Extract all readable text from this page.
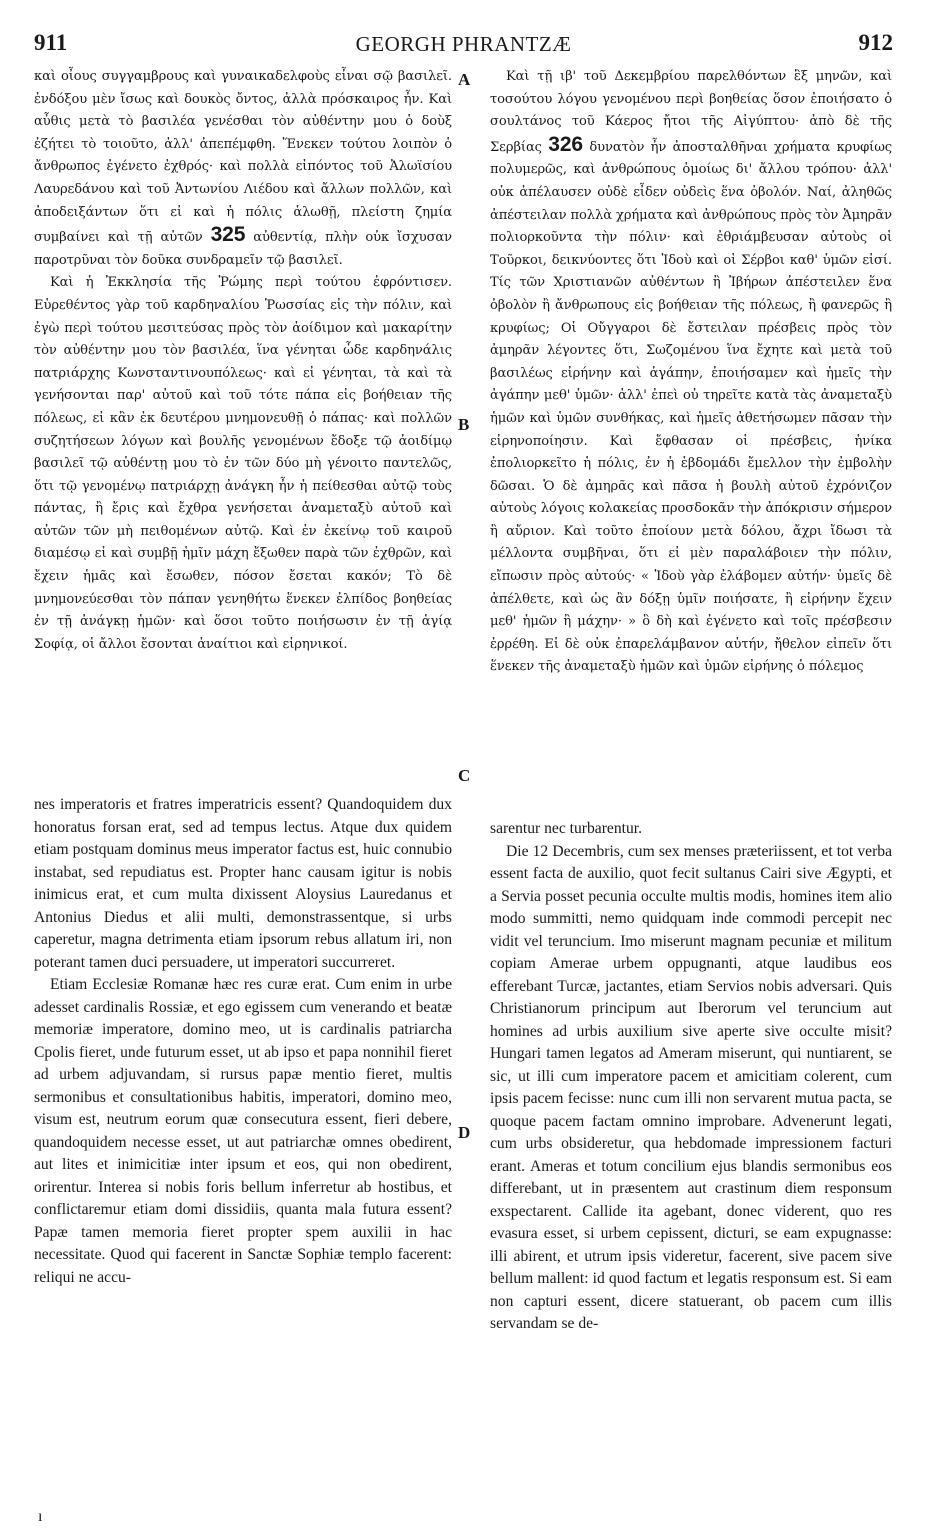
911	GEORGH PHRANTZÆ	912

καὶ οἶους συγγαμβρους καὶ γυναικαδελφοὺς εἶναι σῷ βασιλεῖ. ἐνδόξου μὲν ἴσως καὶ δουκὸς ὄντος, ἀλλὰ πρόσκαιρος ἦν. Καὶ αὖθις μετὰ τὸ βασιλέα γενέσθαι τὸν αὐθέντην μου ὁ δοὺξ ἐζήτει τὸ τοιοῦτο, ἀλλ' ἀπεπέμφθη. Ἕνεκεν τούτου λοιπὸν ὁ ἄνθρωπος ἐγένετο ἐχθρός· καὶ πολλὰ εἰπόντος τοῦ Ἀλωϊσίου Λαυρεδάνου καὶ τοῦ Ἀντωνίου Λιέδου καὶ ἄλλων πολλῶν, καὶ ἀποδειξάντων ὅτι εἰ καὶ ἡ πόλις ἁλωθῇ, πλείστη ζημία συμβαίνει καὶ τῇ αὐτῶν 325 αὐθεντίᾳ, πλὴν οὐκ ἴσχυσαν παροτρῦναι τὸν δοῦκα συνδραμεῖν τῷ βασιλεῖ.

Καὶ ἡ Ἐκκλησία τῆς Ῥώμης περὶ τούτου ἐφρόντισεν. Εὑρεθέντος γὰρ τοῦ καρδηναλίου Ῥωσσίας εἰς τὴν πόλιν, καὶ ἐγὼ περὶ τούτου μεσιτεύσας πρὸς τὸν ἀοίδιμον καὶ μακαρίτην τὸν αὐθέντην μου τὸν βασιλέα, ἵνα γένηται ὧδε καρδηνάλις πατριάρχης Κωνσταντινουπόλεως· καὶ εἰ γένηται, τὰ καὶ τὰ γενήσονται παρ' αὐτοῦ καὶ τοῦ τότε πάπα εἰς βοήθειαν τῆς πόλεως, εἰ κἂν ἐκ δευτέρου μνημονευθῇ ὁ πάπας· καὶ πολλῶν συζητήσεων λόγων καὶ βουλῆς γενομένων ἔδοξε τῷ ἀοιδίμῳ βασιλεῖ τῷ αὐθέντῃ μου τὸ ἐν τῶν δύο μὴ γένοιτο παντελῶς, ὅτι τῷ γενομένῳ πατριάρχῃ ἀνάγκη ἦν ἡ πείθεσθαι αὐτῷ τοὺς πάντας, ἢ ἔρις καὶ ἔχθρα γενήσεται ἀναμεταξὺ αὐτοῦ καὶ αὐτῶν τῶν μὴ πειθομένων αὐτῷ. Καὶ ἐν ἐκείνῳ τοῦ καιροῦ διαμέσῳ εἰ καὶ συμβῇ ἡμῖν μάχη ἔξωθεν παρὰ τῶν ἐχθρῶν, καὶ ἔχειν ἡμᾶς καὶ ἔσωθεν, πόσον ἔσεται κακόν; Τὸ δὲ μνημονεύεσθαι τὸν πάπαν γενηθήτω ἕνεκεν ἐλπίδος βοηθείας ἐν τῇ ἀνάγκῃ ἡμῶν· καὶ ὅσοι τοῦτο ποιήσωσιν ἐν τῇ ἁγίᾳ Σοφίᾳ, οἱ ἄλλοι ἔσονται ἀναίτιοι καὶ εἰρηνικοί.

nes imperatoris et fratres imperatricis essent? Quandoquidem dux honoratus forsan erat, sed ad tempus lectus. Atque dux quidem etiam postquam dominus meus imperator factus est, huic connubio instabat, sed repudiatus est. Propter hanc causam igitur is nobis inimicus erat, et cum multa dixissent Aloysius Lauredanus et Antonius Diedus et alii multi, demonstrassentque, si urbs caperetur, magna detrimenta etiam ipsorum rebus allatum iri, non poterant tamen duci persuadere, ut imperatori succurreret.

Etiam Ecclesiæ Romanæ hæc res curæ erat. Cum enim in urbe adesset cardinalis Rossiæ, et ego egissem cum venerando et beatæ memoriæ imperatore, domino meo, ut is cardinalis patriarcha Cpolis fieret, unde futurum esset, ut ab ipso et papa nonnihil fieret ad urbem adjuvandam, si rursus papæ mentio fieret, multis sermonibus et consultationibus habitis, imperatori, domino meo, visum est, neutrum eorum quæ consecutura essent, fieri debere, quandoquidem necesse esset, ut aut patriarchæ omnes obedirent, aut lites et inimicitiæ inter ipsum et eos, qui non obedirent, orirentur. Interea si nobis foris bellum inferretur ab hostibus, et conflictaremur etiam domi dissidiis, quanta mala futura essent? Papæ tamen memoria fieret propter spem auxilii in hac necessitate. Quod qui facerent in Sanctæ Sophiæ templo facerent: reliqui ne accu-

Καὶ τῇ ιβ' τοῦ Δεκεμβρίου παρελθόντων ἓξ μηνῶν, καὶ τοσούτου λόγου γενομένου περὶ βοηθείας ὅσον ἐποιήσατο ὁ σουλτάνος τοῦ Κάερος ἤτοι τῆς Αἰγύπτου· ἀπὸ δὲ τῆς Σερβίας 326 δυνατὸν ἦν ἀποσταλθῆναι χρήματα κρυφίως πολυμερῶς, καὶ ἀνθρώπους ὁμοίως δι' ἄλλου τρόπου· ἀλλ' οὐκ ἀπέλαυσεν οὐδὲ εἶδεν οὐδεὶς ἕνα ὀβολόν. Ναί, ἀληθῶς ἀπέστειλαν πολλὰ χρήματα καὶ ἀνθρώπους πρὸς τὸν Ἀμηρᾶν πολιορκοῦντα τὴν πόλιν· καὶ ἐθριάμβευσαν αὐτοὺς οἱ Τοῦρκοι, δεικνύοντες ὅτι Ἰδοὺ καὶ οἱ Σέρβοι καθ' ὑμῶν εἰσί. Τίς τῶν Χριστιανῶν αὐθέντων ἢ Ἰβήρων ἀπέστειλεν ἕνα ὀβολὸν ἢ ἄνθρωπους εἰς βοήθειαν τῆς πόλεως, ἢ φανερῶς ἢ κρυφίως; Οἱ Οὔγγαροι δὲ ἔστειλαν πρέσβεις πρὸς τὸν ἀμηρᾶν λέγοντες ὅτι, Σωζομένου ἵνα ἔχητε καὶ μετὰ τοῦ βασιλέως εἰρήνην καὶ ἀγάπην, ἐποιήσαμεν καὶ ἡμεῖς τὴν ἀγάπην μεθ' ὑμῶν· ἀλλ' ἐπεὶ οὐ τηρεῖτε κατὰ τὰς ἀναμεταξὺ ἡμῶν καὶ ὑμῶν συνθήκας, καὶ ἡμεῖς ἀθετήσωμεν πᾶσαν τὴν εἰρηνοποίησιν. Καὶ ἔφθασαν οἱ πρέσβεις, ἡνίκα ἐπολιορκεῖτο ἡ πόλις, ἐν ἡ ἑβδομάδι ἔμελλον τὴν ἐμβολὴν δῶσαι. Ὁ δὲ ἀμηρᾶς καὶ πᾶσα ἡ βουλὴ αὐτοῦ ἐχρόνιζον αὐτοὺς λόγοις κολακείας προσδοκᾶν τὴν ἀπόκρισιν σήμερον ἢ αὔριον. Καὶ τοῦτο ἐποίουν μετὰ δόλου, ἄχρι ἴδωσι τὰ μέλλοντα συμβῆναι, ὅτι εἰ μὲν παραλάβοιεν τὴν πόλιν, εἴπωσιν πρὸς αὐτούς· « Ἰδοὺ γὰρ ἐλάβομεν αὐτήν· ὑμεῖς δὲ ἀπέλθετε, καὶ ὡς ἂν δόξῃ ὑμῖν ποιήσατε, ἢ εἰρήνην ἔχειν μεθ' ἡμῶν ἢ μάχην· » ὃ δὴ καὶ ἐγένετο καὶ τοῖς πρέσβεσιν ἐρρέθη. Εἰ δὲ οὐκ ἐπαρελάμβανον αὐτήν, ἤθελον εἰπεῖν ὅτι ἕνεκεν τῆς ἀναμεταξὺ ἡμῶν καὶ ὑμῶν εἰρήνης ὁ πόλεμος

sarentur nec turbarentur.

Die 12 Decembris, cum sex menses præteriissent, et tot verba essent facta de auxilio, quot fecit sultanus Cairi sive Ægypti, et a Servia posset pecunia occulte multis modis, homines item alio modo summitti, nemo quidquam inde commodi percepit nec vidit vel teruncium. Imo miserunt magnam pecuniæ et militum copiam Amerae urbem oppugnanti, atque laudibus eos efferebant Turcæ, jactantes, etiam Servios nobis adversari. Quis Christianorum principum aut Iberorum vel teruncium aut homines ad urbis auxilium sive aperte sive occulte misit? Hungari tamen legatos ad Ameram miserunt, qui nuntiarent, se sic, ut illi cum imperatore pacem et amicitiam colerent, cum ipsis pacem fecisse: nunc cum illi non servarent mutua pacta, se quoque pacem factam omnino improbare. Advenerunt legati, cum urbs obsideretur, qua hebdomade impressionem facturi erant. Ameras et totum concilium ejus blandis sermonibus eos differebant, ut in præsentem aut crastinum diem responsum exspectarent. Callide ita agebant, donec viderent, quo res evasura esset, si urbem cepissent, dicturi, se eam expugnasse: illi abirent, et utrum ipsis videretur, facerent, sive pacem sive bellum mallent: id quod factum et legatis responsum est. Si eam non capturi essent, dicere statuerant, ob pacem cum illis servandam se de-

A
B
C
D
ı
